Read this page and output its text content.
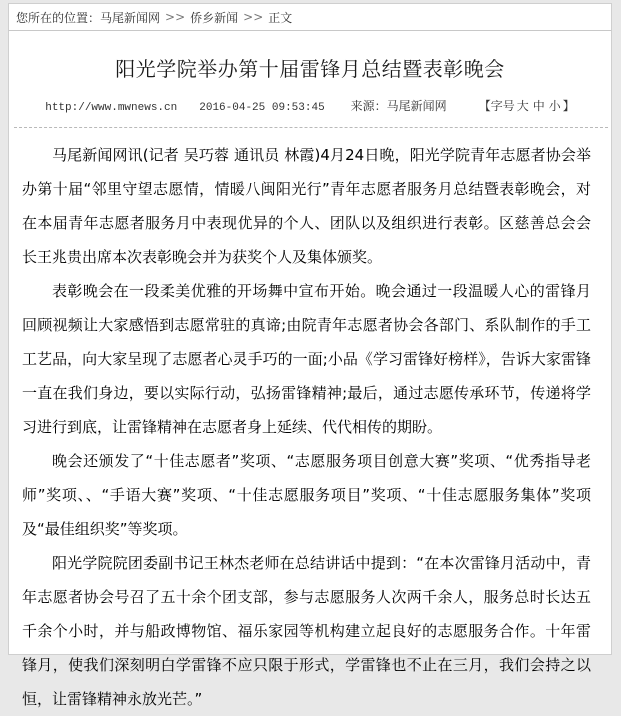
您所在的位置： 马尾新闻网 >> 侨乡新闻 >> 正文
阳光学院举办第十届雷锋月总结暨表彰晚会
http://www.mwnews.cn 2016-04-25 09:53:45 来源：马尾新闻网	【字号 大 中 小 】

马尾新闻网讯(记者 吴巧蓉 通讯员 林霞)4月24日晚，阳光学院青年志愿者协会举办第十届“邻里守望志愿情，情暖八闽阳光行”青年志愿者服务月总结暨表彰晚会，对在本届青年志愿者服务月中表现优异的个人、团队以及组织进行表彰。区慈善总会会长王兆贵出席本次表彰晚会并为获奖个人及集体颁奖。

表彰晚会在一段柔美优雅的开场舞中宣布开始。晚会通过一段温暖人心的雷锋月回顾视频让大家感悟到志愿常驻的真谛;由院青年志愿者协会各部门、系队制作的手工工艺品，向大家呈现了志愿者心灵手巧的一面;小品《学习雷锋好榜样》，告诉大家雷锋一直在我们身边，要以实际行动，弘扬雷锋精神;最后，通过志愿传承环节，传递将学习进行到底，让雷锋精神在志愿者身上延续、代代相传的期盼。

晚会还颁发了“十佳志愿者”奖项、“志愿服务项目创意大赛”奖项、“优秀指导老师”奖项、、“手语大赛”奖项、“十佳志愿服务项目”奖项、“十佳志愿服务集体”奖项及“最佳组织奖”等奖项。

阳光学院院团委副书记王林杰老师在总结讲话中提到：“在本次雷锋月活动中，青年志愿者协会号召了五十余个团支部，参与志愿服务人次两千余人，服务总时长达五千余个小时，并与船政博物馆、福乐家园等机构建立起良好的志愿服务合作。十年雷锋月，使我们深刻明白学雷锋不应只限于形式，学雷锋也不止在三月，我们会持之以恒，让雷锋精神永放光芒。”
